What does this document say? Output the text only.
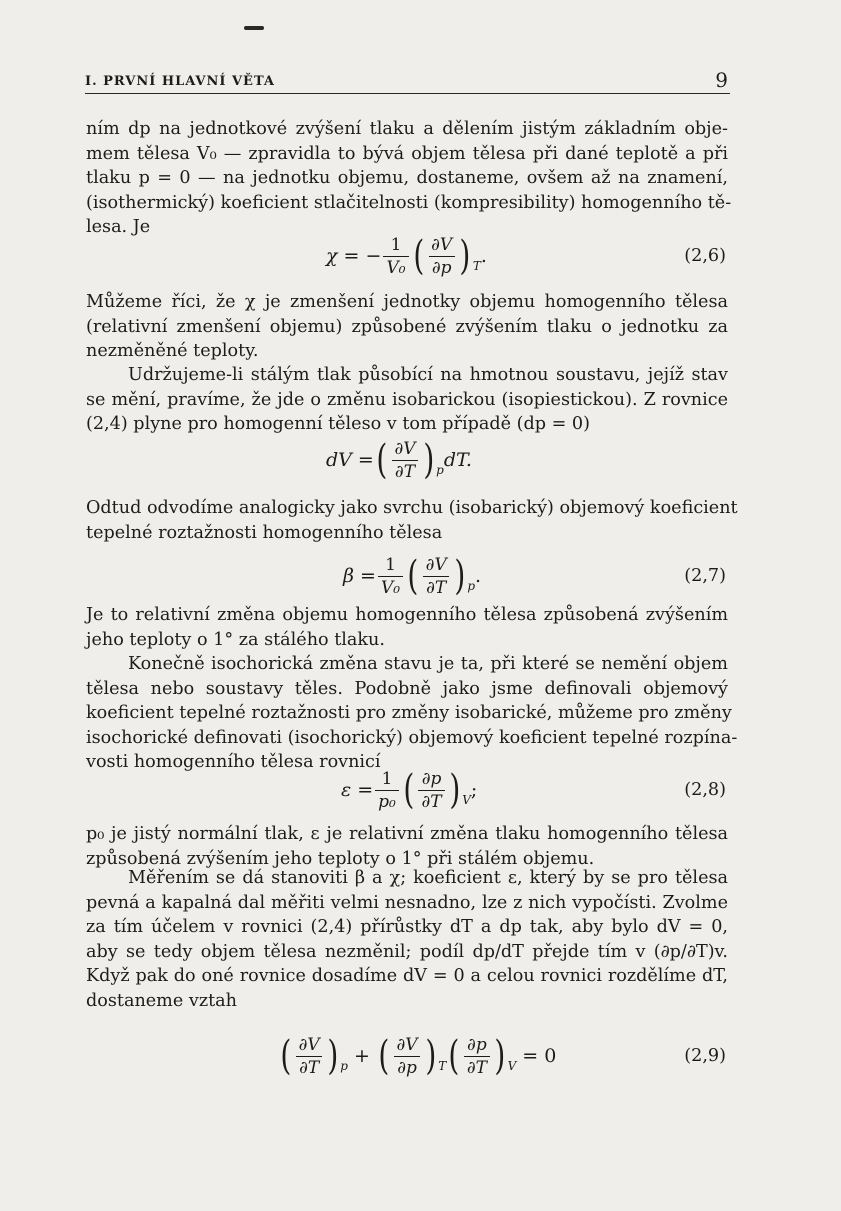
I. PRVNÍ HLAVNÍ VĚTA	9
ním dp na jednotkové zvýšení tlaku a dělením jistým základním obje-
mem tělesa V₀ — zpravidla to bývá objem tělesa při dané teplotě a při
tlaku p = 0 — na jednotku objemu, dostaneme, ovšem až na znamení,
(isothermický) koeficient stlačitelnosti (kompresibility) homogenního tě-
lesa. Je
χ = − $\frac{1}{\text{V₀}}$ ( $\frac{\partial V}{\partial p}$ ) T .	(2,6)
Můžeme říci, že χ je zmenšení jednotky objemu homogenního tělesa
(relativní zmenšení objemu) způsobené zvýšením tlaku o jednotku za
nezměněné teploty.
Udržujeme-li stálým tlak působící na hmotnou soustavu, jejíž stav
se mění, pravíme, že jde o změnu isobarickou (isopiestickou). Z rovnice
(2,4) plyne pro homogenní těleso v tom případě (dp = 0)
dV = ( $\frac{\partial V}{\partial T}$ ) p dT.
Odtud odvodíme analogicky jako svrchu (isobarický) objemový koeficient
tepelné roztažnosti homogenního tělesa
$\beta = \frac{1}{\text{V₀}}$ ( $\frac{\partial V}{\partial T}$ ) p .	(2,7)
Je to relativní změna objemu homogenního tělesa způsobená zvýšením
jeho teploty o 1° za stálého tlaku.
Konečně isochorická změna stavu je ta, při které se nemění objem
tělesa nebo soustavy těles. Podobně jako jsme definovali objemový
koeficient tepelné roztažnosti pro změny isobarické, můžeme pro změny
isochorické definovati (isochorický) objemový koeficient tepelné rozpína-
vosti homogenního tělesa rovnicí
$\varepsilon = \frac{1}{\text{p₀}}$ ( $\frac{\partial p}{\partial T}$ ) V ;	(2,8)
p₀ je jistý normální tlak, ε je relativní změna tlaku homogenního tělesa
způsobená zvýšením jeho teploty o 1° při stálém objemu.
Měřením se dá stanoviti β a χ; koeficient ε, který by se pro tělesa
pevná a kapalná dal měřiti velmi nesnadno, lze z nich vypočísti. Zvolme
za tím účelem v rovnici (2,4) přírůstky dT a dp tak, aby bylo dV = 0,
aby se tedy objem tělesa nezměnil; podíl dp/dT přejde tím v (∂p/∂T)v.
Když pak do oné rovnice dosadíme dV = 0 a celou rovnici rozdělíme dT,
dostaneme vztah
( $\frac{\partial V}{\partial T}$ ) p + ( $\frac{\partial V}{\partial p}$ ) T ( $\frac{\partial p}{\partial T}$ ) V = 0	(2,9)
